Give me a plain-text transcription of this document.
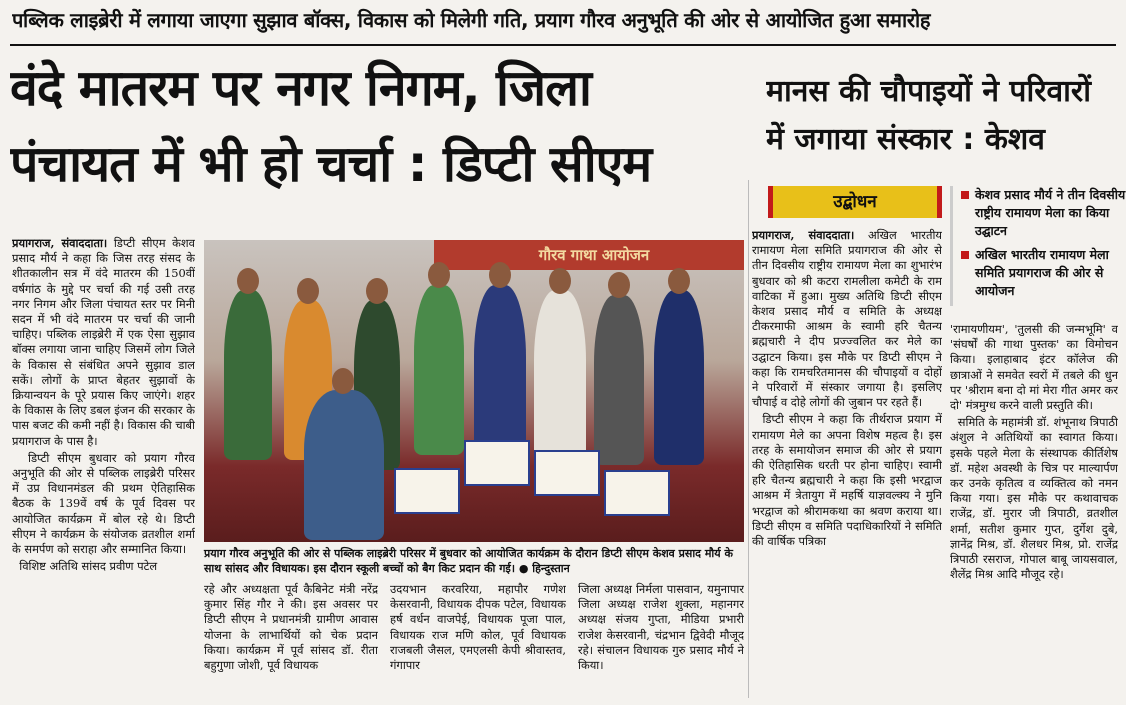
पब्लिक लाइब्रेरी में लगाया जाएगा सुझाव बॉक्स, विकास को मिलेगी गति, प्रयाग गौरव अनुभूति की ओर से आयोजित हुआ समारोह
वंदे मातरम पर नगर निगम, जिला
पंचायत में भी हो चर्चा : डिप्टी सीएम
मानस की चौपाइयों ने परिवारों
में जगाया संस्कार : केशव
उद्बोधन	केशव प्रसाद मौर्य ने तीन दिवसीय राष्ट्रीय रामायण मेला का किया उद्घाटन
अखिल भारतीय रामायण मेला समिति प्रयागराज की ओर से आयोजन

प्रयागराज, संवाददाता। डिप्टी सीएम केशव प्रसाद मौर्य ने कहा कि जिस तरह संसद के शीतकालीन सत्र में वंदे मातरम की 150वीं वर्षगांठ के मुद्दे पर चर्चा की गई उसी तरह नगर निगम और जिला पंचायत स्तर पर मिनी सदन में भी वंदे मातरम पर चर्चा की जानी चाहिए। पब्लिक लाइब्रेरी में एक ऐसा सुझाव बॉक्स लगाया जाना चाहिए जिसमें लोग जिले के विकास से संबंधित अपने सुझाव डाल सकें। लोगों के प्राप्त बेहतर सुझावों के क्रियान्वयन के पूरे प्रयास किए जाएंगे। शहर के विकास के लिए डबल इंजन की सरकार के पास बजट की कमी नहीं है। विकास की चाबी प्रयागराज के पास है।

डिप्टी सीएम बुधवार को प्रयाग गौरव अनुभूति की ओर से पब्लिक लाइब्रेरी परिसर में उप्र विधानमंडल की प्रथम ऐतिहासिक बैठक के 139वें वर्ष के पूर्व दिवस पर आयोजित कार्यक्रम में बोल रहे थे। डिप्टी सीएम ने कार्यक्रम के संयोजक व्रतशील शर्मा के समर्पण को सराहा और सम्मानित किया।

विशिष्ट अतिथि सांसद प्रवीण पटेल

गौरव गाथा आयोजन
प्रयाग गौरव अनुभूति की ओर से पब्लिक लाइब्रेरी परिसर में बुधवार को आयोजित कार्यक्रम के दौरान डिप्टी सीएम केशव प्रसाद मौर्य के साथ सांसद और विधायक। इस दौरान स्कूली बच्चों को बैग किट प्रदान की गई। ● हिन्दुस्तान
रहे और अध्यक्षता पूर्व कैबिनेट मंत्री नरेंद्र कुमार सिंह गौर ने की। इस अवसर पर डिप्टी सीएम ने प्रधानमंत्री ग्रामीण आवास योजना के लाभार्थियों को चेक प्रदान किया। कार्यक्रम में पूर्व सांसद डॉ. रीता बहुगुणा जोशी, पूर्व विधायक
उदयभान करवरिया, महापौर गणेश केसरवानी, विधायक दीपक पटेल, विधायक हर्ष वर्धन वाजपेई, विधायक पूजा पाल, विधायक राज मणि कोल, पूर्व विधायक राजबली जैसल, एमएलसी केपी श्रीवास्तव, गंगापार
जिला अध्यक्ष निर्मला पासवान, यमुनापार जिला अध्यक्ष राजेश शुक्ला, महानगर अध्यक्ष संजय गुप्ता, मीडिया प्रभारी राजेश केसरवानी, चंद्रभान द्विवेदी मौजूद रहे। संचालन विधायक गुरु प्रसाद मौर्य ने किया।

प्रयागराज, संवाददाता। अखिल भारतीय रामायण मेला समिति प्रयागराज की ओर से तीन दिवसीय राष्ट्रीय रामायण मेला का शुभारंभ बुधवार को श्री कटरा रामलीला कमेटी के राम वाटिका में हुआ। मुख्य अतिथि डिप्टी सीएम केशव प्रसाद मौर्य व समिति के अध्यक्ष टीकरमाफी आश्रम के स्वामी हरि चैतन्य ब्रह्मचारी ने दीप प्रज्ज्वलित कर मेले का उद्घाटन किया। इस मौके पर डिप्टी सीएम ने कहा कि रामचरितमानस की चौपाइयों व दोहों ने परिवारों में संस्कार जगाया है। इसलिए चौपाई व दोहे लोगों की जुबान पर रहते हैं।

डिप्टी सीएम ने कहा कि तीर्थराज प्रयाग में रामायण मेले का अपना विशेष महत्व है। इस तरह के समायोजन समाज की ओर से प्रयाग की ऐतिहासिक धरती पर होना चाहिए। स्वामी हरि चैतन्य ब्रह्मचारी ने कहा कि इसी भरद्वाज आश्रम में त्रेतायुग में महर्षि याज्ञवल्क्य ने मुनि भरद्वाज को श्रीरामकथा का श्रवण कराया था। डिप्टी सीएम व समिति पदाधिकारियों ने समिति की वार्षिक पत्रिका

'रामायणीयम', 'तुलसी की जन्मभूमि' व 'संघर्षों की गाथा पुस्तक' का विमोचन किया। इलाहाबाद इंटर कॉलेज की छात्राओं ने समवेत स्वरों में तबले की धुन पर 'श्रीराम बना दो मां मेरा गीत अमर कर दो' मंत्रमुग्ध करने वाली प्रस्तुति की।

समिति के महामंत्री डॉ. शंभूनाथ त्रिपाठी अंशुल ने अतिथियों का स्वागत किया। इसके पहले मेला के संस्थापक कीर्तिशेष डॉ. महेश अवस्थी के चित्र पर माल्यार्पण कर उनके कृतित्व व व्यक्तित्व को नमन किया गया। इस मौके पर कथावाचक राजेंद्र, डॉ. मुरार जी त्रिपाठी, व्रतशील शर्मा, सतीश कुमार गुप्त, दुर्गेश दुबे, ज्ञानेंद्र मिश्र, डॉ. शैलधर मिश्र, प्रो. राजेंद्र त्रिपाठी रसराज, गोपाल बाबू जायसवाल, शैलेंद्र मिश्र आदि मौजूद रहे।
